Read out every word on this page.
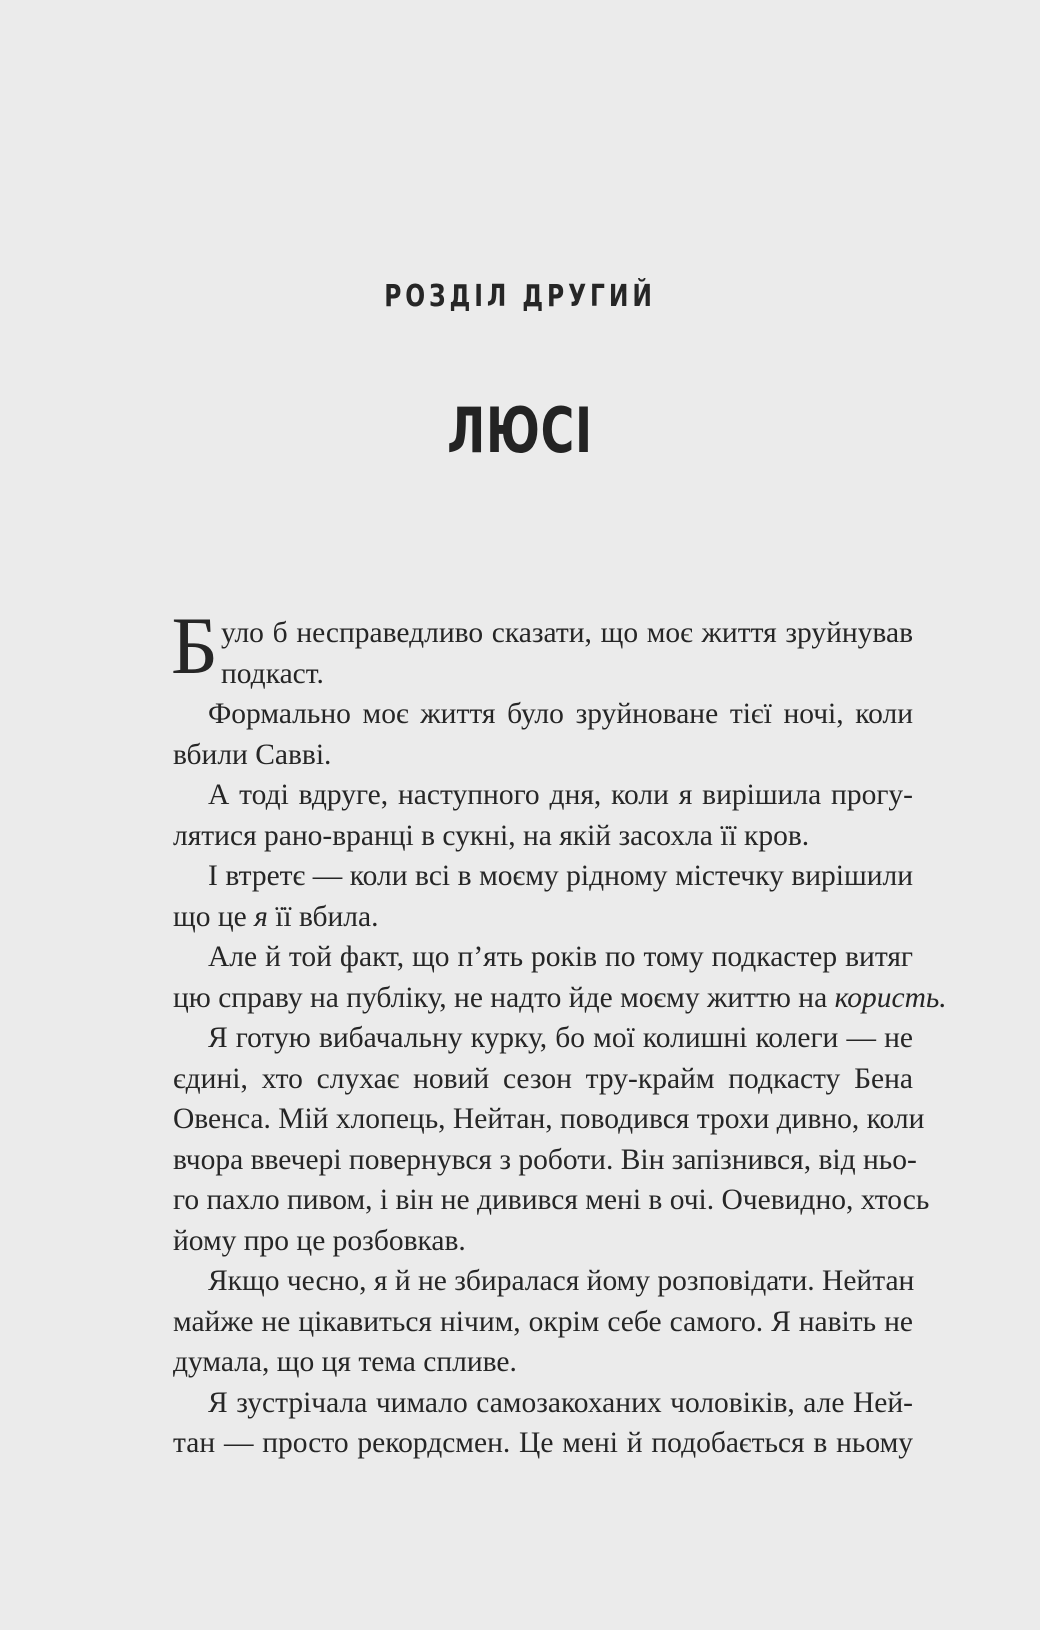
РОЗДІЛ ДРУГИЙ
ЛЮСІ
Б уло б несправедливо сказати, що моє життя зруйнував
подкаст.
Формально моє життя було зруйноване тієї ночі, коли
вбили Савві.
А тоді вдруге, наступного дня, коли я вирішила прогу-
лятися рано-вранці в сукні, на якій засохла її кров.
І втретє — коли всі в моєму рідному містечку вирішили
що це я її вбила.
Але й той факт, що п’ять років по тому подкастер витяг
цю справу на публіку, не надто йде моєму життю на користь.
Я готую вибачальну курку, бо мої колишні колеги — не
єдині, хто слухає новий сезон тру-крайм подкасту Бена
Овенса. Мій хлопець, Нейтан, поводився трохи дивно, коли
вчора ввечері повернувся з роботи. Він запізнився, від ньо-
го пахло пивом, і він не дивився мені в очі. Очевидно, хтось
йому про це розбовкав.
Якщо чесно, я й не збиралася йому розповідати. Нейтан
майже не цікавиться нічим, окрім себе самого. Я навіть не
думала, що ця тема спливе.
Я зустрічала чимало самозакоханих чоловіків, але Ней-
тан — просто рекордсмен. Це мені й подобається в ньому
